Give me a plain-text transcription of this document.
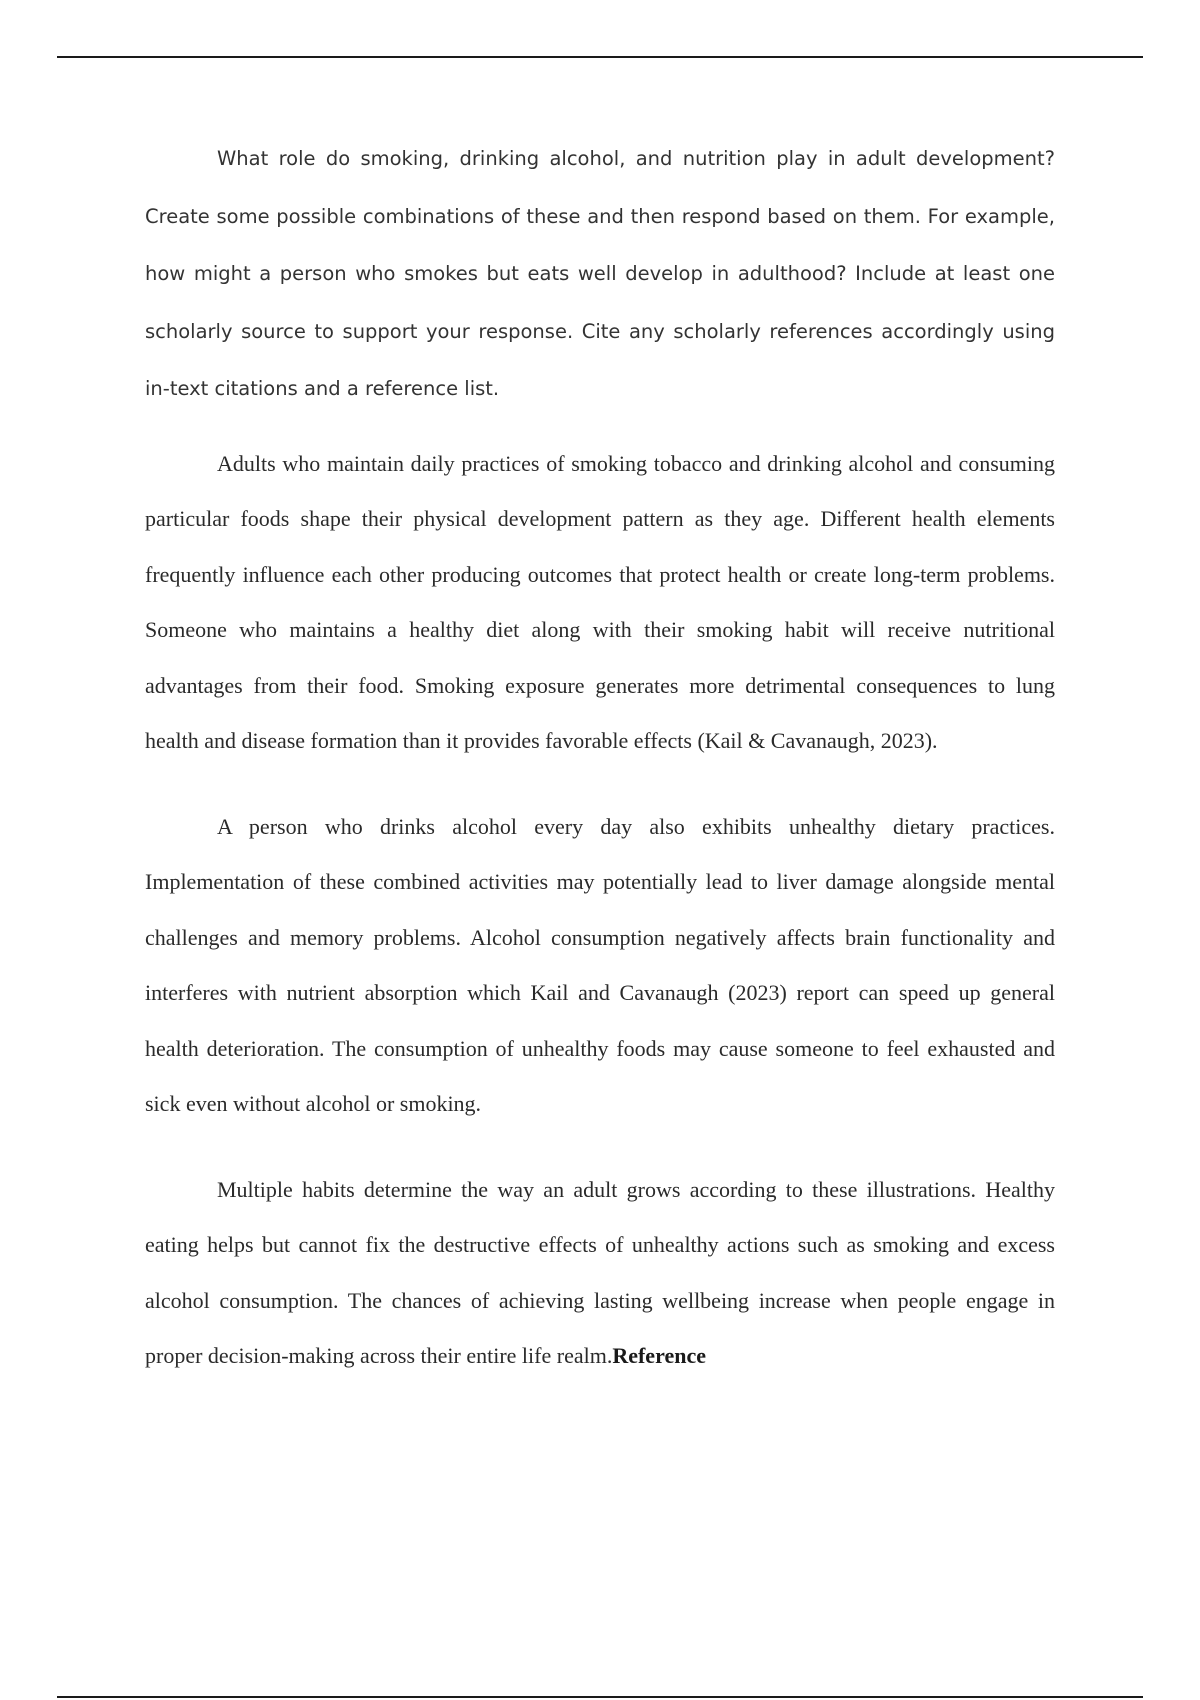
What role do smoking, drinking alcohol, and nutrition play in adult development? Create some possible combinations of these and then respond based on them. For example, how might a person who smokes but eats well develop in adulthood? Include at least one scholarly source to support your response. Cite any scholarly references accordingly using in-text citations and a reference list.

Adults who maintain daily practices of smoking tobacco and drinking alcohol and consuming particular foods shape their physical development pattern as they age. Different health elements frequently influence each other producing outcomes that protect health or create long-term problems. Someone who maintains a healthy diet along with their smoking habit will receive nutritional advantages from their food. Smoking exposure generates more detrimental consequences to lung health and disease formation than it provides favorable effects (Kail & Cavanaugh, 2023).

A person who drinks alcohol every day also exhibits unhealthy dietary practices. Implementation of these combined activities may potentially lead to liver damage alongside mental challenges and memory problems. Alcohol consumption negatively affects brain functionality and interferes with nutrient absorption which Kail and Cavanaugh (2023) report can speed up general health deterioration. The consumption of unhealthy foods may cause someone to feel exhausted and sick even without alcohol or smoking.

Multiple habits determine the way an adult grows according to these illustrations. Healthy eating helps but cannot fix the destructive effects of unhealthy actions such as smoking and excess alcohol consumption. The chances of achieving lasting wellbeing increase when people engage in proper decision-making across their entire life realm.Reference
